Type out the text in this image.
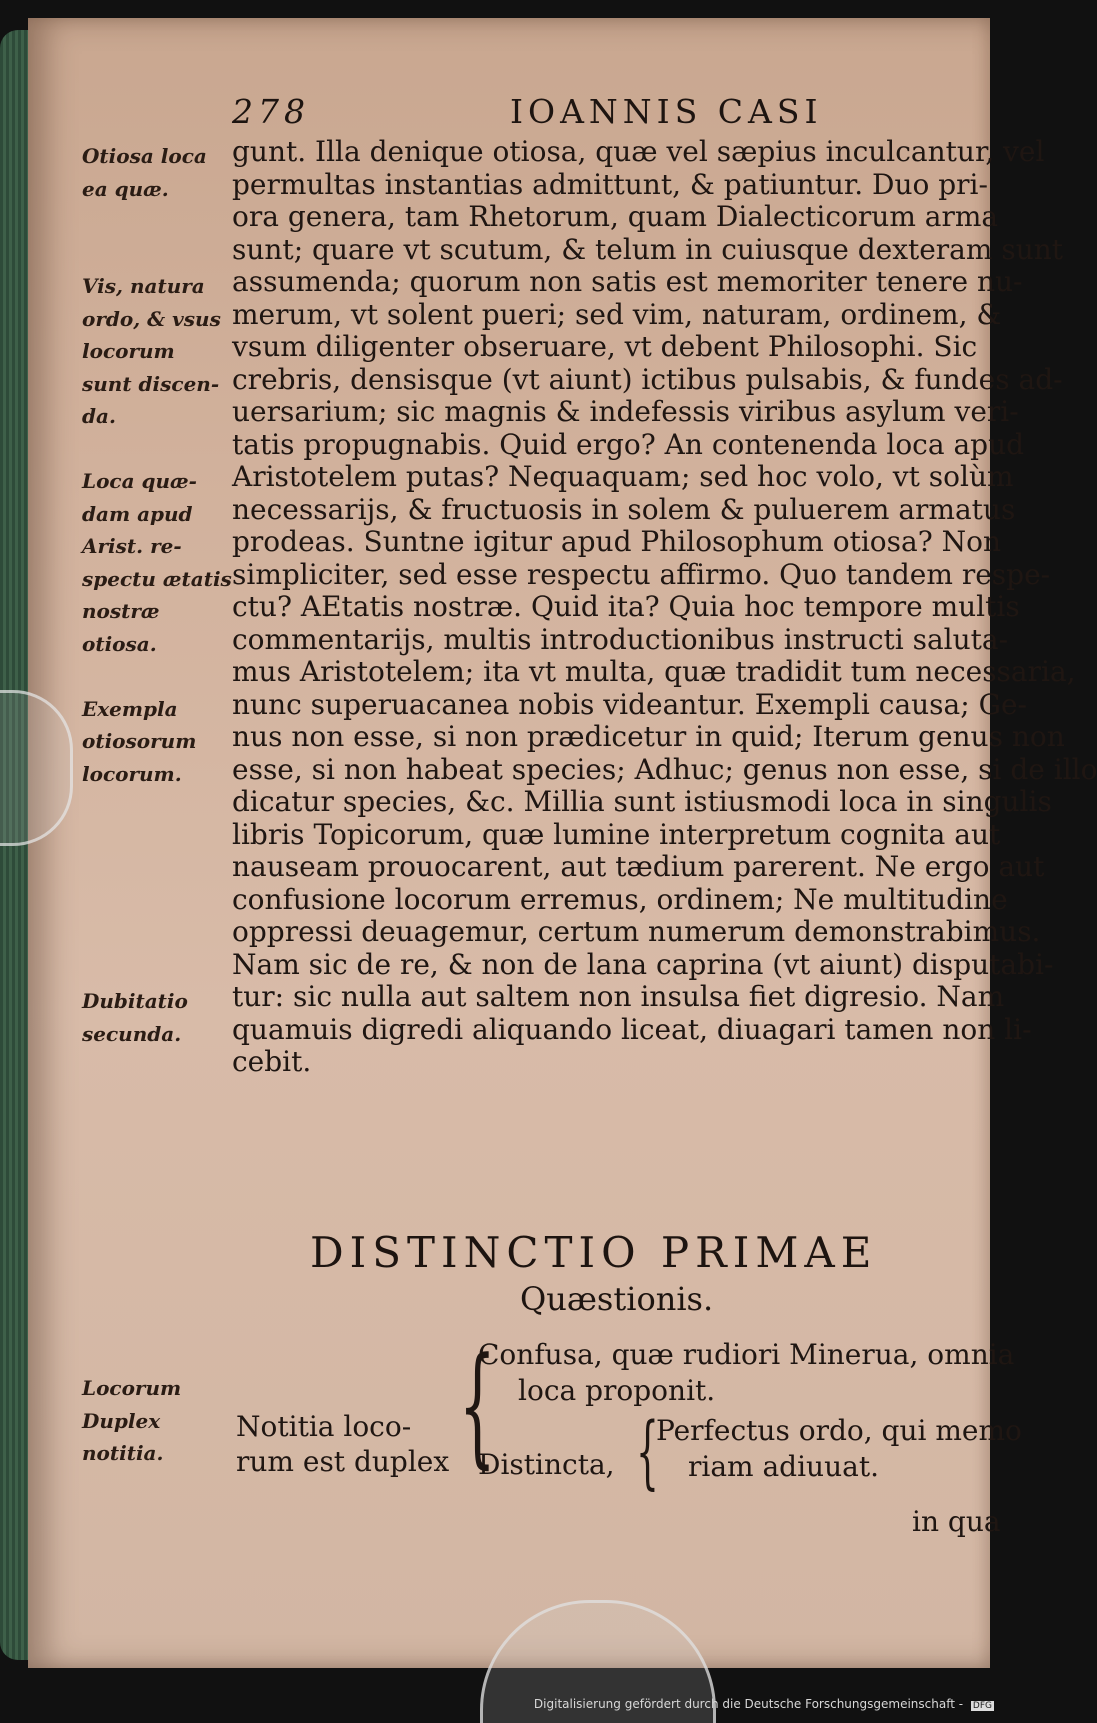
278	IOANNIS CASI
gunt. Illa denique otiosa, quæ vel sæpius inculcantur, vel
permultas instantias admittunt, & patiuntur. Duo pri-
ora genera, tam Rhetorum, quam Dialecticorum arma
sunt; quare vt scutum, & telum in cuiusque dexteram sunt
assumenda; quorum non satis est memoriter tenere nu-
merum, vt solent pueri; sed vim, naturam, ordinem, &
vsum diligenter obseruare, vt debent Philosophi. Sic
crebris, densisque (vt aiunt) ictibus pulsabis, & fundes ad-
uersarium; sic magnis & indefessis viribus asylum veri-
tatis propugnabis. Quid ergo? An contenenda loca apud
Aristotelem putas? Nequaquam; sed hoc volo, vt solùm
necessarijs, & fructuosis in solem & puluerem armatus
prodeas. Suntne igitur apud Philosophum otiosa? Non
simpliciter, sed esse respectu affirmo. Quo tandem respe-
ctu? AEtatis nostræ. Quid ita? Quia hoc tempore multis
commentarijs, multis introductionibus instructi saluta-
mus Aristotelem; ita vt multa, quæ tradidit tum necessaria,
nunc superuacanea nobis videantur. Exempli causa; Ge-
nus non esse, si non prædicetur in quid; Iterum genus non
esse, si non habeat species; Adhuc; genus non esse, si de illo
dicatur species, &c. Millia sunt istiusmodi loca in singulis
libris Topicorum, quæ lumine interpretum cognita aut
nauseam prouocarent, aut tædium parerent. Ne ergo aut
confusione locorum erremus, ordinem; Ne multitudine
oppressi deuagemur, certum numerum demonstrabimus.
Nam sic de re, & non de lana caprina (vt aiunt) disputabi-
tur: sic nulla aut saltem non insulsa fiet digresio. Nam
quamuis digredi aliquando liceat, diuagari tamen non li-
cebit.
Otiosa loca
ea quæ.
Vis, natura
ordo, & vsus
locorum
sunt discen-
da.
Loca quæ-
dam apud
Arist. re-
spectu ætatis
nostræ
otiosa.
Exempla
otiosorum
locorum.
Dubitatio
secunda.
DISTINCTIO PRIMAE
Quæstionis.
Locorum
Duplex
notitia.
Notitia loco-
rum est duplex {
Confusa, quæ rudiori Minerua, omnia
loca proponit.
Distincta, {
Perfectus ordo, qui memo
riam adiuuat.
in qua
Digitalisierung gefördert durch die Deutsche Forschungsgemeinschaft - DFG
